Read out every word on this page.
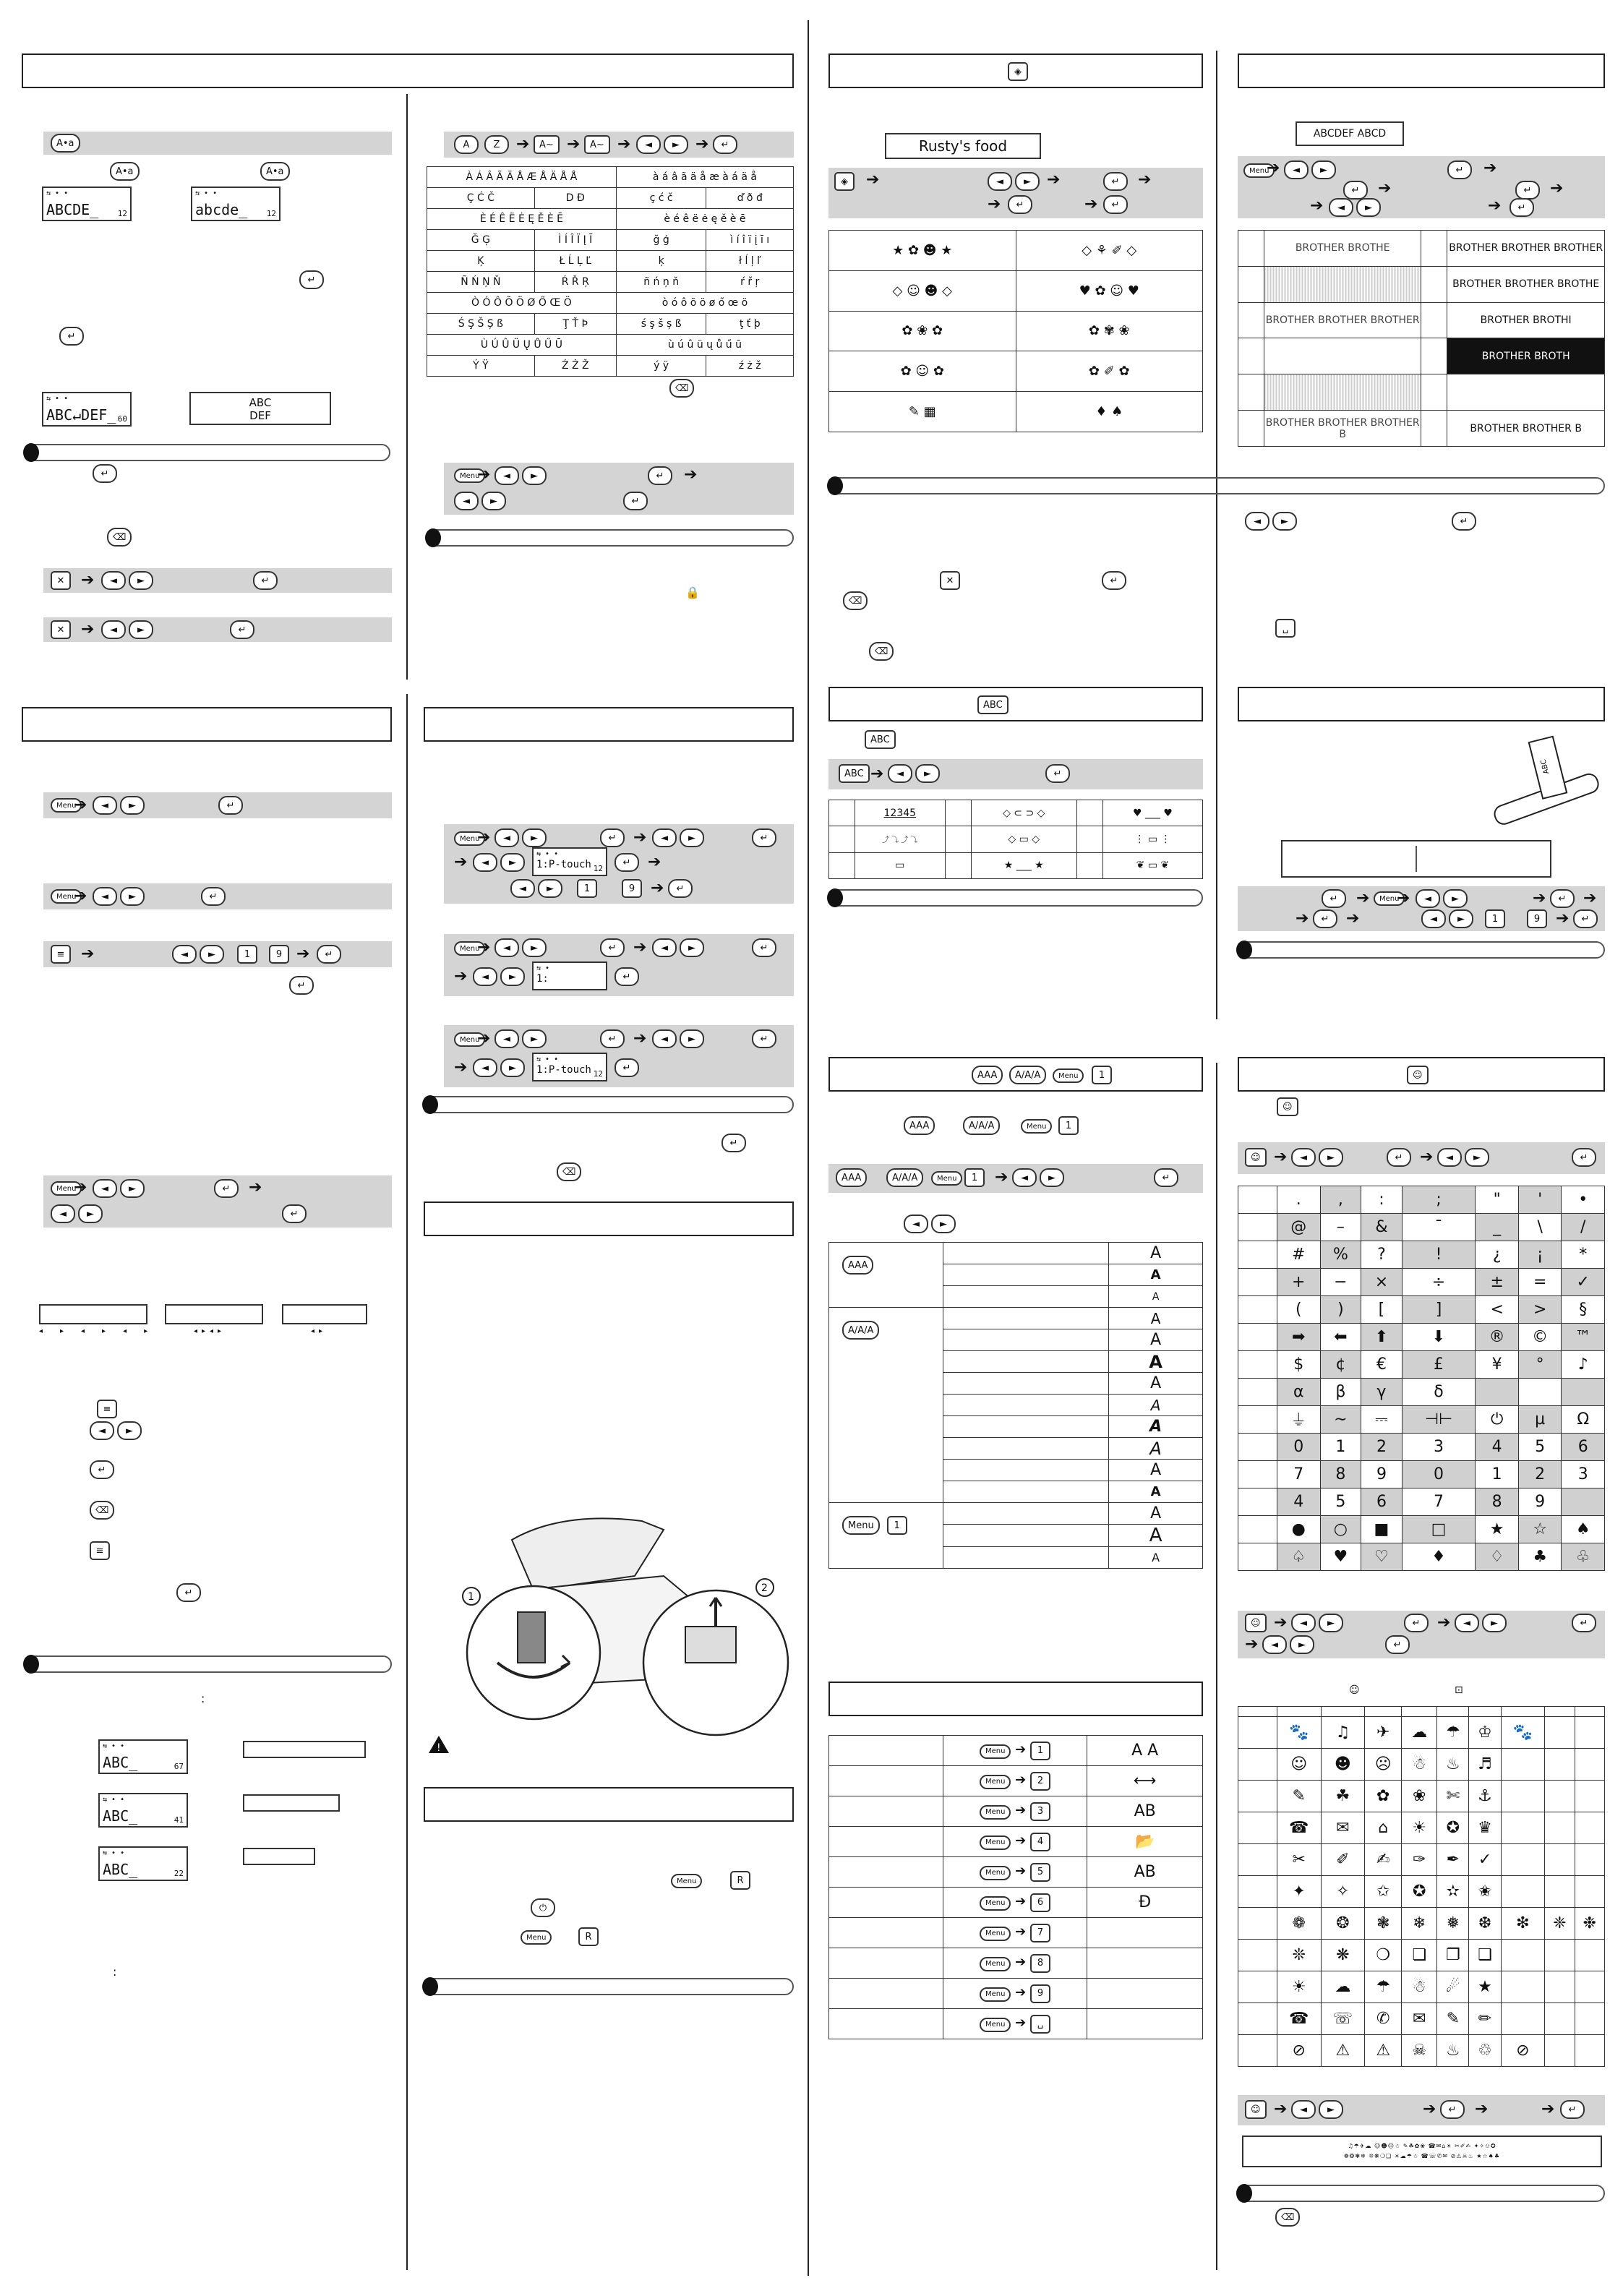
◈
ABC
AAA	A/A/A	Menu	1	☺
A•a
A•a	A•a
⇆ • •
ABCDE_ 12
⇆ • •
abcde_ 12
↵
↵
⇆ • •
ABC↵DEF_ 60
ABC
DEF
↵
⌫
✕	➔	◄	►	↵
✕	➔	◄	►	↵
A	Z	➔	A~ ➔	A~ ➔	◄	►	➔	↵
À Á Â Ã Ä Å Æ Å Ä Å Å		à á â ã ä å æ à á ä å	
Ç Ć Č	D Đ	ç ć č	ď ð đ
È É Ê Ë Ė Ę Ě È Ē		è é ê ë ė ę ě è ē	
Ğ Ģ	Ì Í Î Ï Į Ī	ğ ģ	ì í î ï į ī ı
Ķ	Ł Ĺ Ļ Ľ	ķ	ł ĺ ļ ľ
Ñ Ń Ņ Ň	Ŕ Ř Ŗ	ñ ń ņ ň	ŕ ř ŗ
Ò Ó Ô Õ Ö Ø Ő Œ Ö		ò ó ô õ ö ø ő œ ö	
Ś Ş Š Ș ß	Ţ Ť Þ	ś ş š ș ß	ţ ť þ
Ù Ú Û Ü Ų Ů Ű Ū		ù ú û ü ų ů ű ū	
Ý Ÿ	Ź Ż Ž	ý ÿ	ź ż ž
⌫
Menu
➔	◄	►	↵	➔
◄	►	↵
🔒
Rusty's food
◈	➔	◄	►	➔	↵	➔
➔	↵	➔	↵
★ ✿ ☻ ★	◇ ⚘ ✐ ◇
◇ ☺ ☻ ◇	♥ ✿ ☺ ♥
✿ ❀ ✿	✿ ✾ ❀
✿ ☺ ✿	✿ ✐ ✿
✎ ▦	♦ ♠
ABCDEF ABCD
Menu
➔	◄	►	↵	➔
↵	➔	↵	➔
➔	◄	►	➔	↵
	BROTHER BROTHE		BROTHER BROTHER BROTHER
			BROTHER BROTHER BROTHE
	BROTHER BROTHER BROTHER		BROTHER BROTHI
			BROTHER BROTH

	BROTHER BROTHER BROTHER B		BROTHER BROTHER B
◄	►	↵
✕	↵
⌫
␣
⌫
Menu
➔	◄	►	↵
Menu
➔	◄	►	↵
≡	➔	◄	►	1	9 ➔	↵
↵
Menu
➔	◄	►	↵	➔
◄	►	↵
◂▸◂▸◂▸	◂▸◂▸	◂▸
≡
◄	►
↵
⌫
≡
↵
:
⇆ • •
ABC_	67
⇆ • •
ABC_	41
⇆ • •
ABC_	22
:
Menu
➔	◄	►	↵	➔	◄	►	↵
➔	◄	►
⇆ • •
1:P-touch 12
↵	➔
◄	►	1	9 ➔	↵
Menu
➔	◄	►	↵	➔	◄	►	↵
➔	◄	►
⇆ •
1:	↵
Menu
➔	◄	►	↵	➔	◄	►	↵
➔	◄	►
⇆ • •
1:P-touch 12
↵
↵
⌫
1
2
!
Menu	R
⏻
Menu	R
ABC
ABC ➔	◄	►	↵
	12345		◇ ⊂ ⊃ ◇		♥ ___ ♥
	⤴ ⤵ ⤴ ⤵		◇ ▭ ◇		⋮ ▭ ⋮
	▭		★ ___ ★		❦ ▭ ❦
ABC
↵	➔	Menu
➔	◄	►	➔	↵	➔
➔	↵	➔	◄	►	1	9 ➔	↵
AAA	A/A/A	Menu	1
AAA	A/A/A	Menu	1	➔	◄	►	↵
◄	►
AAA		A
		A
		A
A/A/A		A
		A
		A
		A
		A
		A
		A
		A
		A
Menu 1		A
		A
		A
	Menu ➔ 1	A A
	Menu ➔ 2	⟷
	Menu ➔ 3	AB
	Menu ➔ 4	📂
	Menu ➔ 5	AB
	Menu ➔ 6	Ð
	Menu ➔ 7	
	Menu ➔ 8	
	Menu ➔ 9	
	Menu ➔ ␣	
☺
☺ ➔	◄	►	↵	➔	◄	►	↵
	.	,	:	;	"	'	•
	@	–	&	¯	_	\	/
	#	%	?	!	¿	¡	*
	+	−	×	÷	±	=	✓
	(	)	[	]	<	>	§
	➡	⬅	⬆	⬇	®	©	™
	$	¢	€	£	¥	°	♪
	α	β	γ	δ			
	⏚	∼	⎓	⊣⊢	⏻	µ	Ω
	0	1	2	3	4	5	6
	7	8	9	0	1	2	3
	4	5	6	7	8	9	
	●	○	■	□	★	☆	♠
	♤	♥	♡	♦	♢	♣	♧
☺ ➔	◄	►	↵	➔	◄	►	↵
➔	◄	►	↵
☺	⊡

	🐾	♫	✈	☁	☂	♔	🐾		
	☺	☻	☹	☃	♨	♬			
	✎	☘	✿	❀	✄	⚓			
	☎	✉	⌂	☀	✪	♛			
	✂	✐	✍	✑	✒	✓			
	✦	✧	✩	✪	✫	✬			
	❁	❂	❃	❄	❅	❆	❇	❈	❉
	❊	❋	❍	❏	❐	❑			
	☀	☁	☂	☃	☄	★			
	☎	☏	✆	✉	✎	✏			
	⊘	⚠	⚠	☠	♨	♲	⊘		
☺ ➔	◄	►	➔	↵	➔	➔	↵
♫☂✈☁ ☺☻☹☃ ✎☘✿❀ ☎✉⌂☀ ✂✐✍ ✦✧✩✪
❁❂❃❄ ❊❋❍❏ ☀☁☂☃ ☎☏✆✉ ⊘⚠☠♨ ★☆♠♣
⌫
